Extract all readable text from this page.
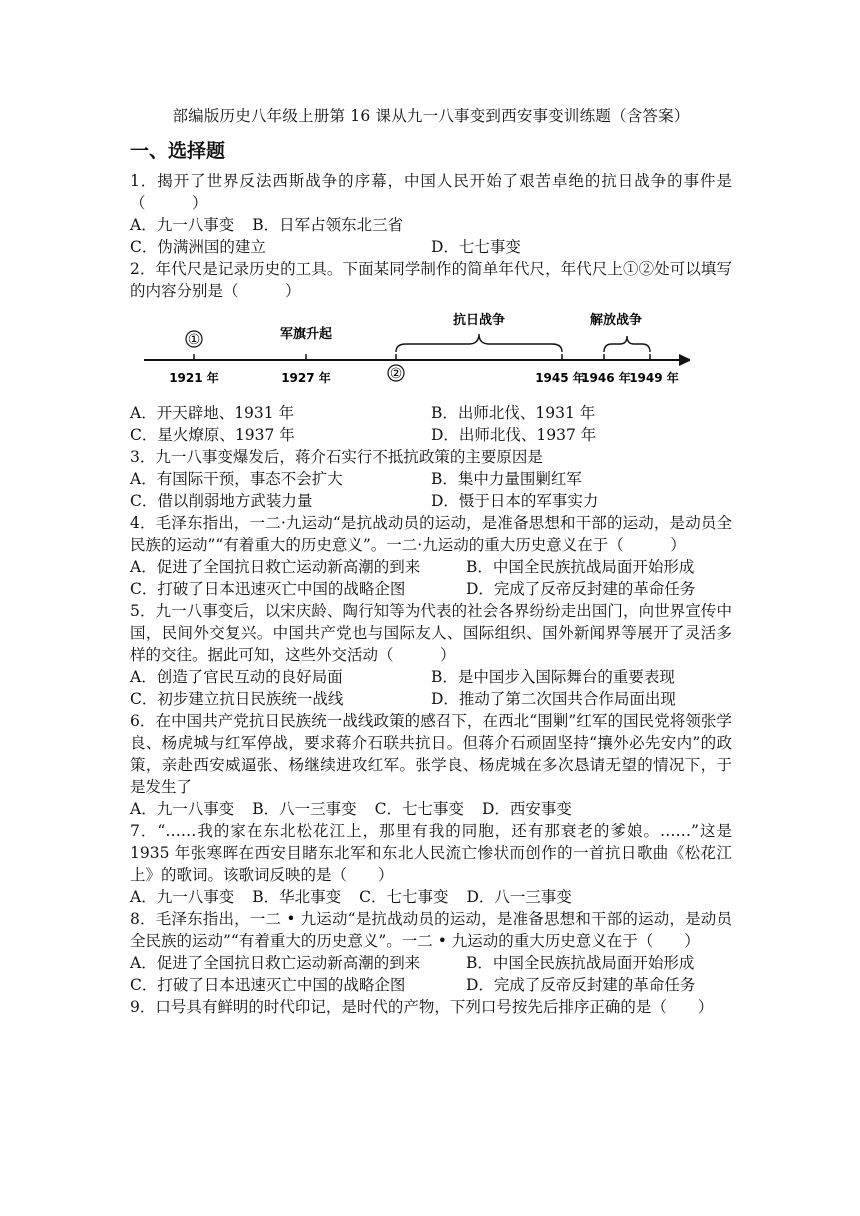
部编版历史八年级上册第 16 课从九一八事变到西安事变训练题（含答案）
一、选择题

1．揭开了世界反法西斯战争的序幕，中国人民开始了艰苦卓绝的抗日战争的事件是（　　　）

A．九一八事变 B．日军占领东北三省
C．伪满洲国的建立	D．七七事变

2．年代尺是记录历史的工具。下面某同学制作的简单年代尺，年代尺上①②处可以填写的内容分别是（　　　）

①
②
军旗升起
抗日战争	解放战争
1921 年	1927 年	1945 年
1946 年
1949 年
A．开天辟地、1931 年	B．出师北伐、1931 年
C．星火燎原、1937 年	D．出师北伐、1937 年

3．九一八事变爆发后，蒋介石实行不抵抗政策的主要原因是

A．有国际干预，事态不会扩大	B．集中力量围剿红军
C．借以削弱地方武装力量	D．慑于日本的军事实力

4．毛泽东指出，一二·九运动“是抗战动员的运动，是准备思想和干部的运动，是动员全民族的运动”“有着重大的历史意义”。一二·九运动的重大历史意义在于（　　　）

A．促进了全国抗日救亡运动新高潮的到来	B．中国全民族抗战局面开始形成
C．打破了日本迅速灭亡中国的战略企图	D．完成了反帝反封建的革命任务

5．九一八事变后，以宋庆龄、陶行知等为代表的社会各界纷纷走出国门，向世界宣传中国，民间外交复兴。中国共产党也与国际友人、国际组织、国外新闻界等展开了灵活多样的交往。据此可知，这些外交活动（　　　）

A．创造了官民互动的良好局面	B．是中国步入国际舞台的重要表现
C．初步建立抗日民族统一战线	D．推动了第二次国共合作局面出现

6．在中国共产党抗日民族统一战线政策的感召下，在西北“围剿”红军的国民党将领张学良、杨虎城与红军停战，要求蒋介石联共抗日。但蒋介石顽固坚持“攘外必先安内”的政策，亲赴西安威逼张、杨继续进攻红军。张学良、杨虎城在多次恳请无望的情况下，于是发生了

A．九一八事变 B．八一三事变 C．七七事变 D．西安事变

7．“……我的家在东北松花江上，那里有我的同胞，还有那衰老的爹娘。……”这是 1935 年张寒晖在西安目睹东北军和东北人民流亡惨状而创作的一首抗日歌曲《松花江上》的歌词。该歌词反映的是（　　）

A．九一八事变 B．华北事变 C．七七事变 D．八一三事变

8．毛泽东指出，一二 • 九运动“是抗战动员的运动，是准备思想和干部的运动，是动员全民族的运动”“有着重大的历史意义”。一二 • 九运动的重大历史意义在于（　　）

A．促进了全国抗日救亡运动新高潮的到来	B．中国全民族抗战局面开始形成
C．打破了日本迅速灭亡中国的战略企图	D．完成了反帝反封建的革命任务

9．口号具有鲜明的时代印记，是时代的产物，下列口号按先后排序正确的是（　　）
